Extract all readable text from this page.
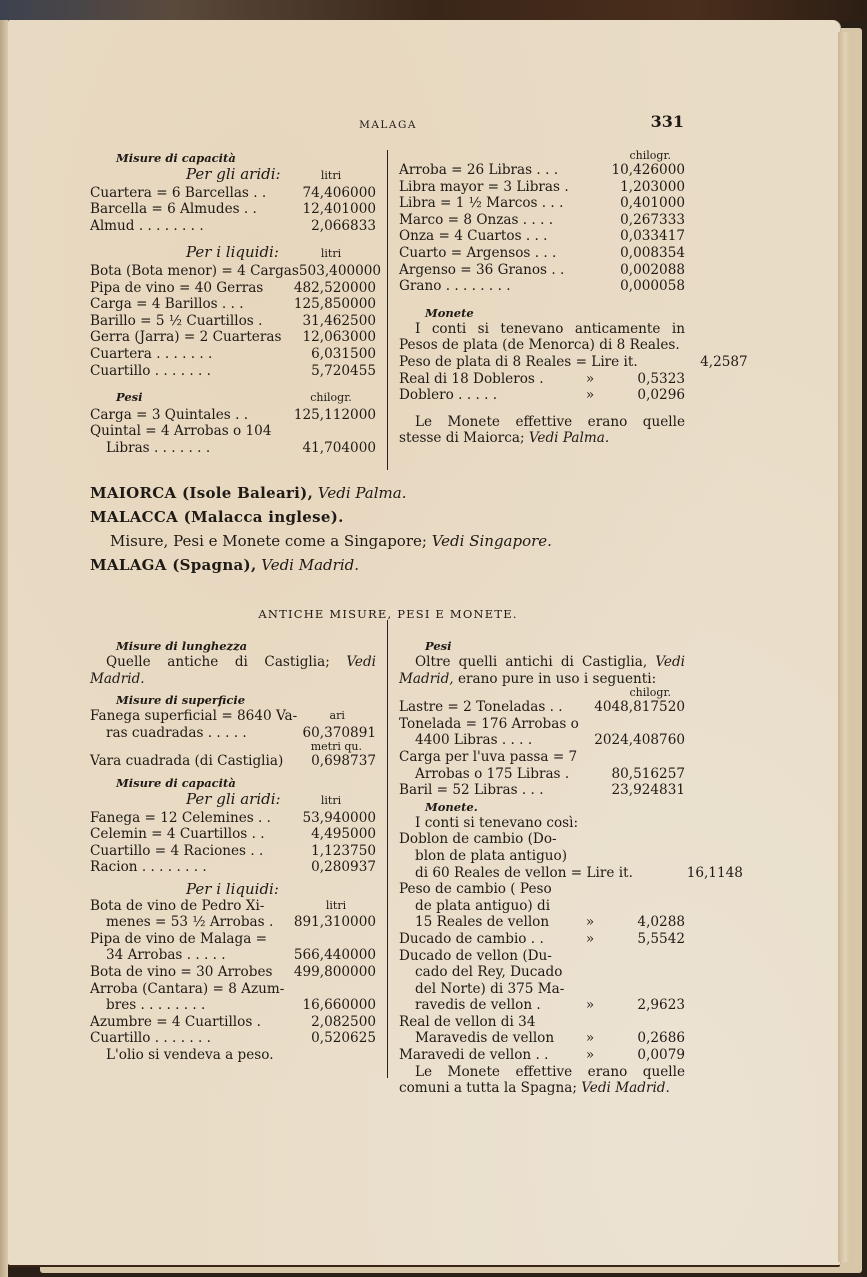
MALAGA	331
Misure di capacità
Per gli aridi:	litri
Cuartera = 6 Barcellas . .	74,406000
Barcella = 6 Almudes . .	12,401000
Almud . . . . . . . .	2,066833
Per i liquidi:	litri
Bota (Bota menor) = 4 Cargas 503,400000
Pipa de vino = 40 Gerras 482,520000
Carga = 4 Barillos . . .	125,850000
Barillo = 5 ½ Cuartillos .	31,462500
Gerra (Jarra) = 2 Cuarteras	12,063000
Cuartera . . . . . . .	6,031500
Cuartillo . . . . . . .	5,720455
Pesi	chilogr.
Carga = 3 Quintales . .	125,112000
Quintal = 4 Arrobas o 104
Libras . . . . . . .	41,704000
chilogr.
Arroba = 26 Libras . . .	10,426000
Libra mayor = 3 Libras .	1,203000
Libra = 1 ½ Marcos . . .	0,401000
Marco = 8 Onzas . . . .	0,267333
Onza = 4 Cuartos . . .	0,033417
Cuarto = Argensos . . .	0,008354
Argenso = 36 Granos . .	0,002088
Grano . . . . . . . .	0,000058
Monete
I conti si tenevano anticamente in Pesos de plata (de Menorca) di 8 Reales.
Peso de plata di 8 Reales = Lire it.	4,2587
Real di 18 Dobleros .	»	0,5323
Doblero . . . . .	»	0,0296
Le Monete effettive erano quelle stesse di Maiorca; Vedi Palma.
MAIORCA (Isole Baleari), Vedi Palma.
MALACCA (Malacca inglese).
Misure, Pesi e Monete come a Singapore; Vedi Singapore.
MALAGA (Spagna), Vedi Madrid.
ANTICHE MISURE, PESI E MONETE.
Misure di lunghezza
Quelle antiche di Castiglia; Vedi Madrid.
Misure di superficie
Fanega superficial = 8640 Va-	ari
ras cuadradas . . . . .	60,370891
metri qu.
Vara cuadrada (di Castiglia)	0,698737
Misure di capacità
Per gli aridi:	litri
Fanega = 12 Celemines . .	53,940000
Celemin = 4 Cuartillos . .	4,495000
Cuartillo = 4 Raciones . .	1,123750
Racion . . . . . . . .	0,280937
Per i liquidi:
Bota de vino de Pedro Xi-	litri
menes = 53 ½ Arrobas . 891,310000
Pipa de vino de Malaga =
34 Arrobas . . . . .	566,440000
Bota de vino = 30 Arrobes 499,800000
Arroba (Cantara) = 8 Azum-
bres . . . . . . . .	16,660000
Azumbre = 4 Cuartillos .	2,082500
Cuartillo . . . . . . .	0,520625
L'olio si vendeva a peso.
Pesi
Oltre quelli antichi di Castiglia, Vedi Madrid, erano pure in uso i seguenti:
chilogr.
Lastre = 2 Toneladas . . 4048,817520
Tonelada = 176 Arrobas o
4400 Libras . . . .	2024,408760
Carga per l'uva passa = 7
Arrobas o 175 Libras .	80,516257
Baril = 52 Libras . . .	23,924831
Monete.
I conti si tenevano così:
Doblon de cambio (Do-
blon de plata antiguo)
di 60 Reales de vellon = Lire it.	16,1148
Peso de cambio ( Peso
de plata antiguo) di
15 Reales de vellon	»	4,0288
Ducado de cambio . .	»	5,5542
Ducado de vellon (Du-
cado del Rey, Ducado
del Norte) di 375 Ma-
ravedis de vellon .	»	2,9623
Real de vellon di 34
Maravedis de vellon	»	0,2686
Maravedi de vellon . .	»	0,0079
Le Monete effettive erano quelle comuni a tutta la Spagna; Vedi Madrid.
